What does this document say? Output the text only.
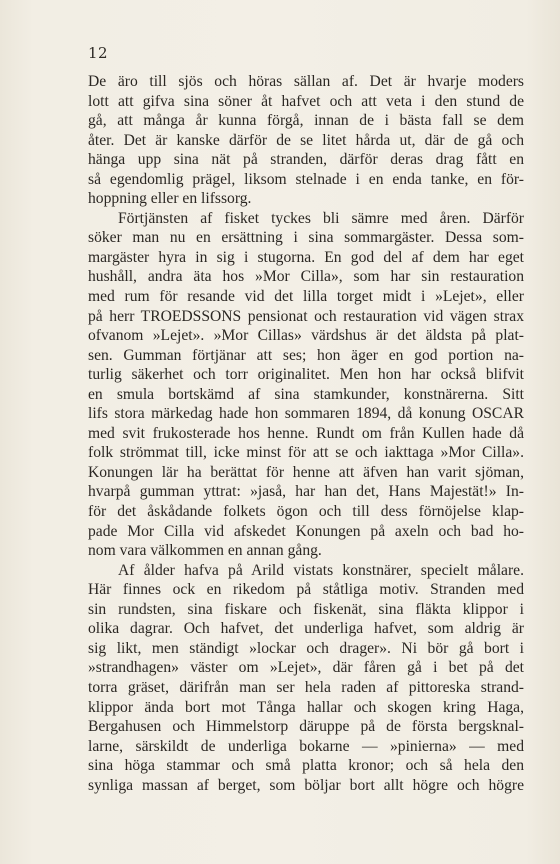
12
De äro till sjös och höras sällan af. Det är hvarje moders
lott att gifva sina söner åt hafvet och att veta i den stund de
gå, att många år kunna förgå, innan de i bästa fall se dem
åter. Det är kanske därför de se litet hårda ut, där de gå och
hänga upp sina nät på stranden, därför deras drag fått en
så egendomlig prägel, liksom stelnade i en enda tanke, en för-
hoppning eller en lifssorg.
Förtjänsten af fisket tyckes bli sämre med åren. Därför
söker man nu en ersättning i sina sommargäster. Dessa som-
margäster hyra in sig i stugorna. En god del af dem har eget
hushåll, andra äta hos »Mor Cilla», som har sin restauration
med rum för resande vid det lilla torget midt i »Lejet», eller
på herr TROEDSSONS pensionat och restauration vid vägen strax
ofvanom »Lejet». »Mor Cillas» värdshus är det äldsta på plat-
sen. Gumman förtjänar att ses; hon äger en god portion na-
turlig säkerhet och torr originalitet. Men hon har också blifvit
en smula bortskämd af sina stamkunder, konstnärerna. Sitt
lifs stora märkedag hade hon sommaren 1894, då konung OSCAR
med svit frukosterade hos henne. Rundt om från Kullen hade då
folk strömmat till, icke minst för att se och iakttaga »Mor Cilla».
Konungen lär ha berättat för henne att äfven han varit sjöman,
hvarpå gumman yttrat: »jaså, har han det, Hans Majestät!» In-
för det åskådande folkets ögon och till dess förnöjelse klap-
pade Mor Cilla vid afskedet Konungen på axeln och bad ho-
nom vara välkommen en annan gång.
Af ålder hafva på Arild vistats konstnärer, specielt målare.
Här finnes ock en rikedom på ståtliga motiv. Stranden med
sin rundsten, sina fiskare och fiskenät, sina fläkta klippor i
olika dagrar. Och hafvet, det underliga hafvet, som aldrig är
sig likt, men ständigt »lockar och drager». Ni bör gå bort i
»strandhagen» väster om »Lejet», där fåren gå i bet på det
torra gräset, därifrån man ser hela raden af pittoreska strand-
klippor ända bort mot Tånga hallar och skogen kring Haga,
Bergahusen och Himmelstorp däruppe på de första bergsknal-
larne, särskildt de underliga bokarne — »pinierna» — med
sina höga stammar och små platta kronor; och så hela den
synliga massan af berget, som böljar bort allt högre och högre
